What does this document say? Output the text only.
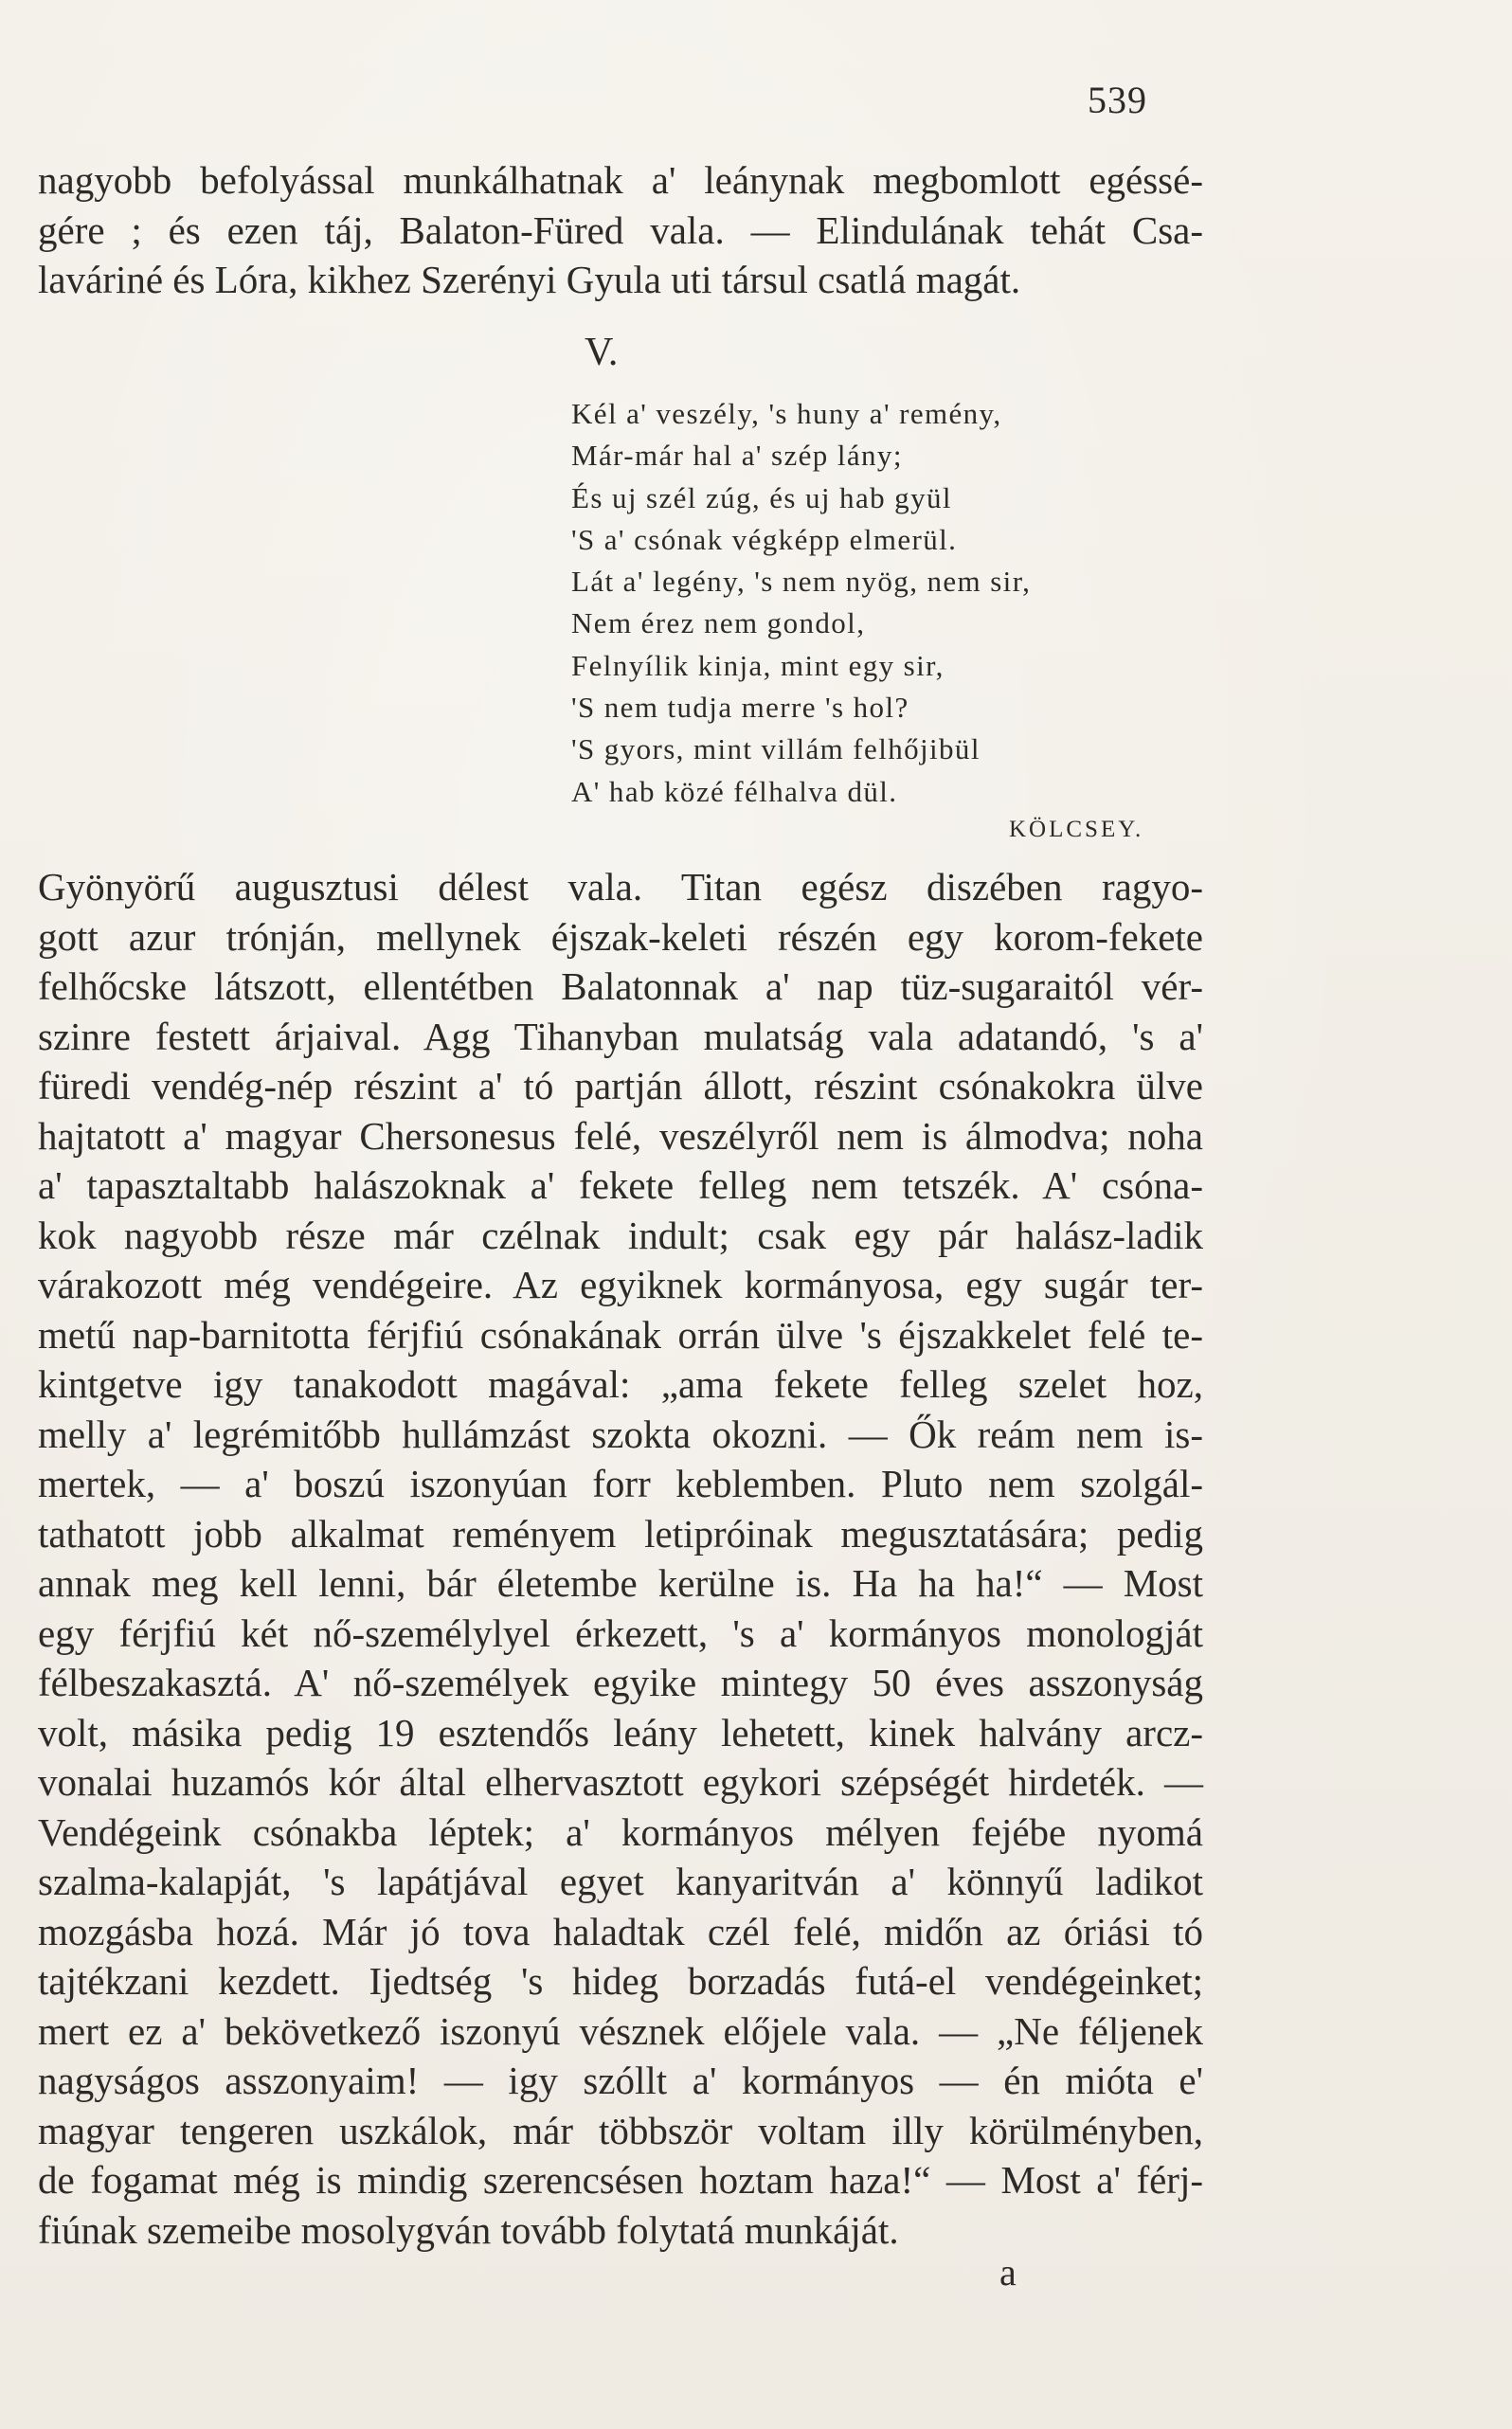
539
nagyobb befolyással munkálhatnak a' leánynak megbomlott egéssé-
gére ; és ezen táj, Balaton-Füred vala. — Elindulának tehát Csa-
laváriné és Lóra, kikhez Szerényi Gyula uti társul csatlá magát.
V.
Kél a' veszély, 's huny a' remény,
Már-már hal a' szép lány;
És uj szél zúg, és uj hab gyül
'S a' csónak végképp elmerül.
Lát a' legény, 's nem nyög, nem sir,
Nem érez nem gondol,
Felnyílik kinja, mint egy sir,
'S nem tudja merre 's hol?
'S gyors, mint villám felhőjibül
A' hab közé félhalva dül.
KÖLCSEY.
Gyönyörű augusztusi délest vala. Titan egész diszében ragyo-
gott azur trónján, mellynek éjszak-keleti részén egy korom-fekete
felhőcske látszott, ellentétben Balatonnak a' nap tüz-sugaraitól vér-
szinre festett árjaival. Agg Tihanyban mulatság vala adatandó, 's a'
füredi vendég-nép részint a' tó partján állott, részint csónakokra ülve
hajtatott a' magyar Chersonesus felé, veszélyről nem is álmodva; noha
a' tapasztaltabb halászoknak a' fekete felleg nem tetszék. A' csóna-
kok nagyobb része már czélnak indult; csak egy pár halász-ladik
várakozott még vendégeire. Az egyiknek kormányosa, egy sugár ter-
metű nap-barnitotta férjfiú csónakának orrán ülve 's éjszakkelet felé te-
kintgetve igy tanakodott magával: „ama fekete felleg szelet hoz,
melly a' legrémitőbb hullámzást szokta okozni. — Ők reám nem is-
mertek, — a' boszú iszonyúan forr keblemben. Pluto nem szolgál-
tathatott jobb alkalmat reményem letipróinak megusztatására; pedig
annak meg kell lenni, bár életembe kerülne is. Ha ha ha!“ — Most
egy férjfiú két nő-személylyel érkezett, 's a' kormányos monologját
félbeszakasztá. A' nő-személyek egyike mintegy 50 éves asszonyság
volt, másika pedig 19 esztendős leány lehetett, kinek halvány arcz-
vonalai huzamós kór által elhervasztott egykori szépségét hirdeték. —
Vendégeink csónakba léptek; a' kormányos mélyen fejébe nyomá
szalma-kalapját, 's lapátjával egyet kanyaritván a' könnyű ladikot
mozgásba hozá. Már jó tova haladtak czél felé, midőn az óriási tó
tajtékzani kezdett. Ijedtség 's hideg borzadás futá-el vendégeinket;
mert ez a' bekövetkező iszonyú vésznek előjele vala. — „Ne féljenek
nagyságos asszonyaim! — igy szóllt a' kormányos — én mióta e'
magyar tengeren uszkálok, már többször voltam illy körülményben,
de fogamat még is mindig szerencsésen hoztam haza!“ — Most a' férj-
fiúnak szemeibe mosolygván tovább folytatá munkáját.
a
